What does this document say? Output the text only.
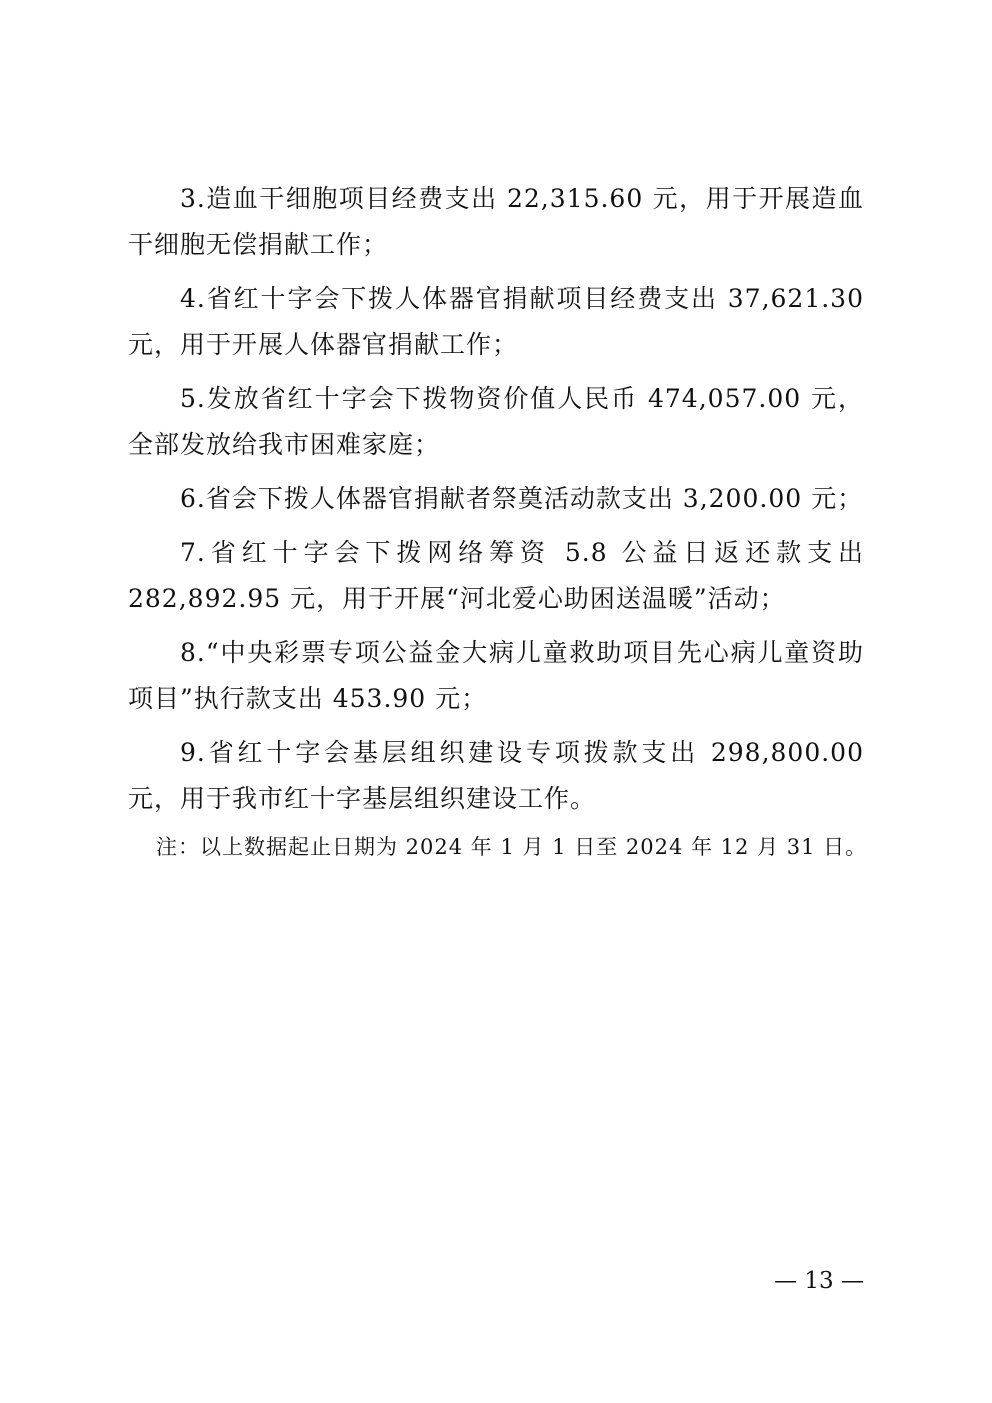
3.造血干细胞项目经费支出 22,315.60 元，用于开展造血干细胞无偿捐献工作；

4.省红十字会下拨人体器官捐献项目经费支出 37,621.30 元，用于开展人体器官捐献工作；

5.发放省红十字会下拨物资价值人民币 474,057.00 元，全部发放给我市困难家庭；

6.省会下拨人体器官捐献者祭奠活动款支出 3,200.00 元；

7.省红十字会下拨网络筹资 5.8 公益日返还款支出 282,892.95 元，用于开展“河北爱心助困送温暖”活动；

8.“中央彩票专项公益金大病儿童救助项目先心病儿童资助项目”执行款支出 453.90 元；

9.省红十字会基层组织建设专项拨款支出 298,800.00 元，用于我市红十字基层组织建设工作。

注：以上数据起止日期为 2024 年 1 月 1 日至 2024 年 12 月 31 日。

— 13 —
